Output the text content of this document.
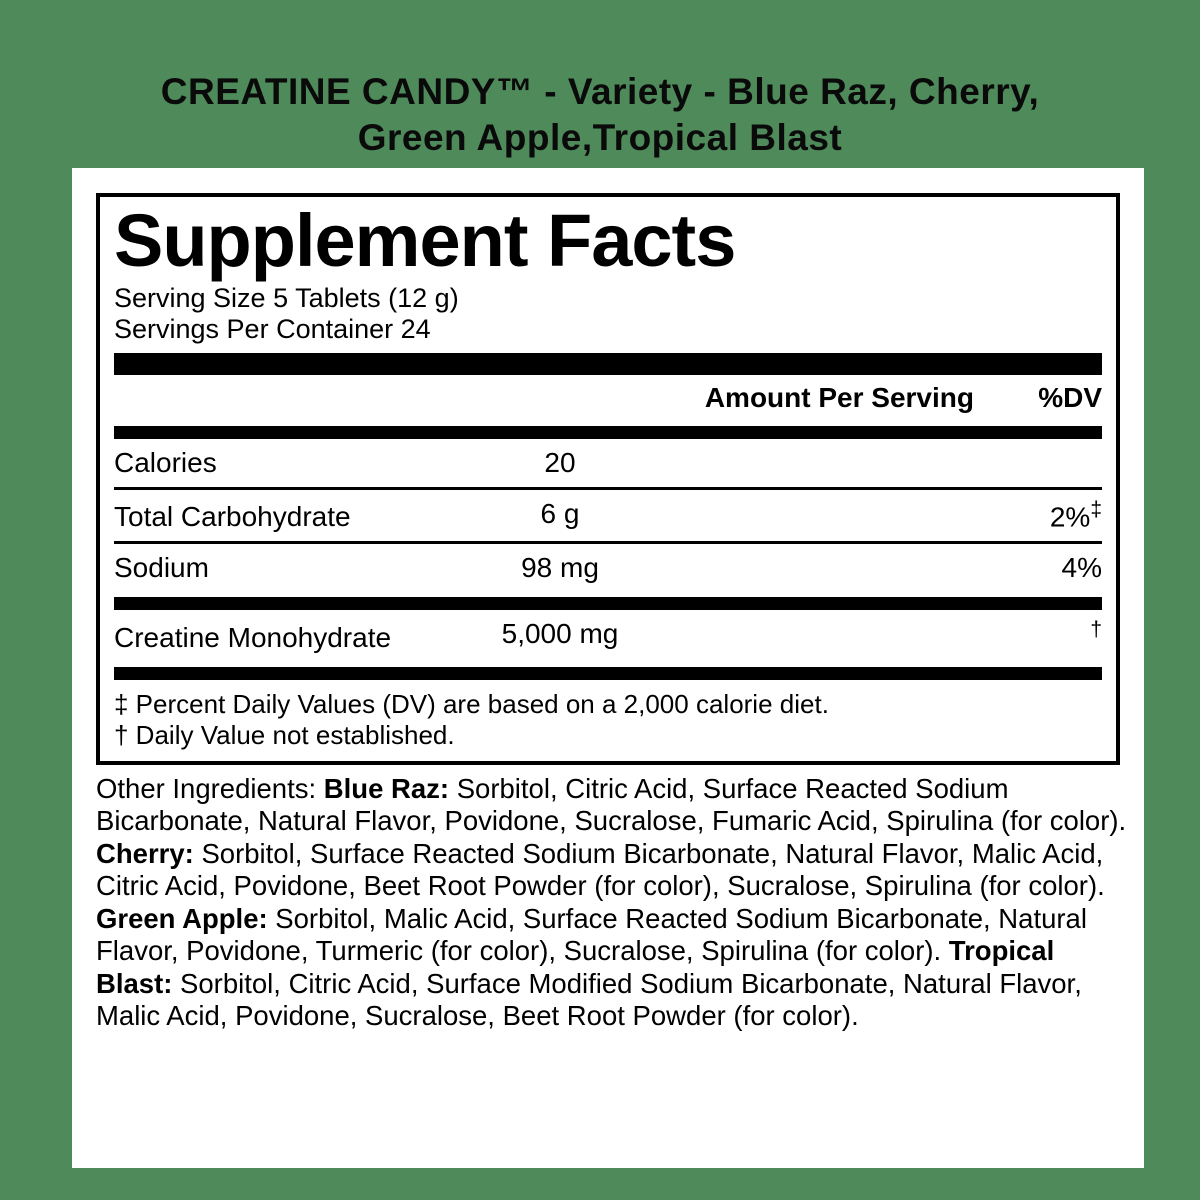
CREATINE CANDY™ - Variety - Blue Raz, Cherry,
Green Apple,Tropical Blast
Supplement Facts
Serving Size 5 Tablets (12 g)
Servings Per Container 24
Amount Per Serving	%DV
Calories	20
Total Carbohydrate	6 g	2%‡
Sodium	98 mg	4%
Creatine Monohydrate	5,000 mg	†
‡ Percent Daily Values (DV) are based on a 2,000 calorie diet.
† Daily Value not established.
Other Ingredients: Blue Raz: Sorbitol, Citric Acid, Surface Reacted Sodium Bicarbonate, Natural Flavor, Povidone, Sucralose, Fumaric Acid, Spirulina (for color). Cherry: Sorbitol, Surface Reacted Sodium Bicarbonate, Natural Flavor, Malic Acid, Citric Acid, Povidone, Beet Root Powder (for color), Sucralose, Spirulina (for color). Green Apple: Sorbitol, Malic Acid, Surface Reacted Sodium Bicarbonate, Natural Flavor, Povidone, Turmeric (for color), Sucralose, Spirulina (for color). Tropical Blast: Sorbitol, Citric Acid, Surface Modified Sodium Bicarbonate, Natural Flavor, Malic Acid, Povidone, Sucralose, Beet Root Powder (for color).
